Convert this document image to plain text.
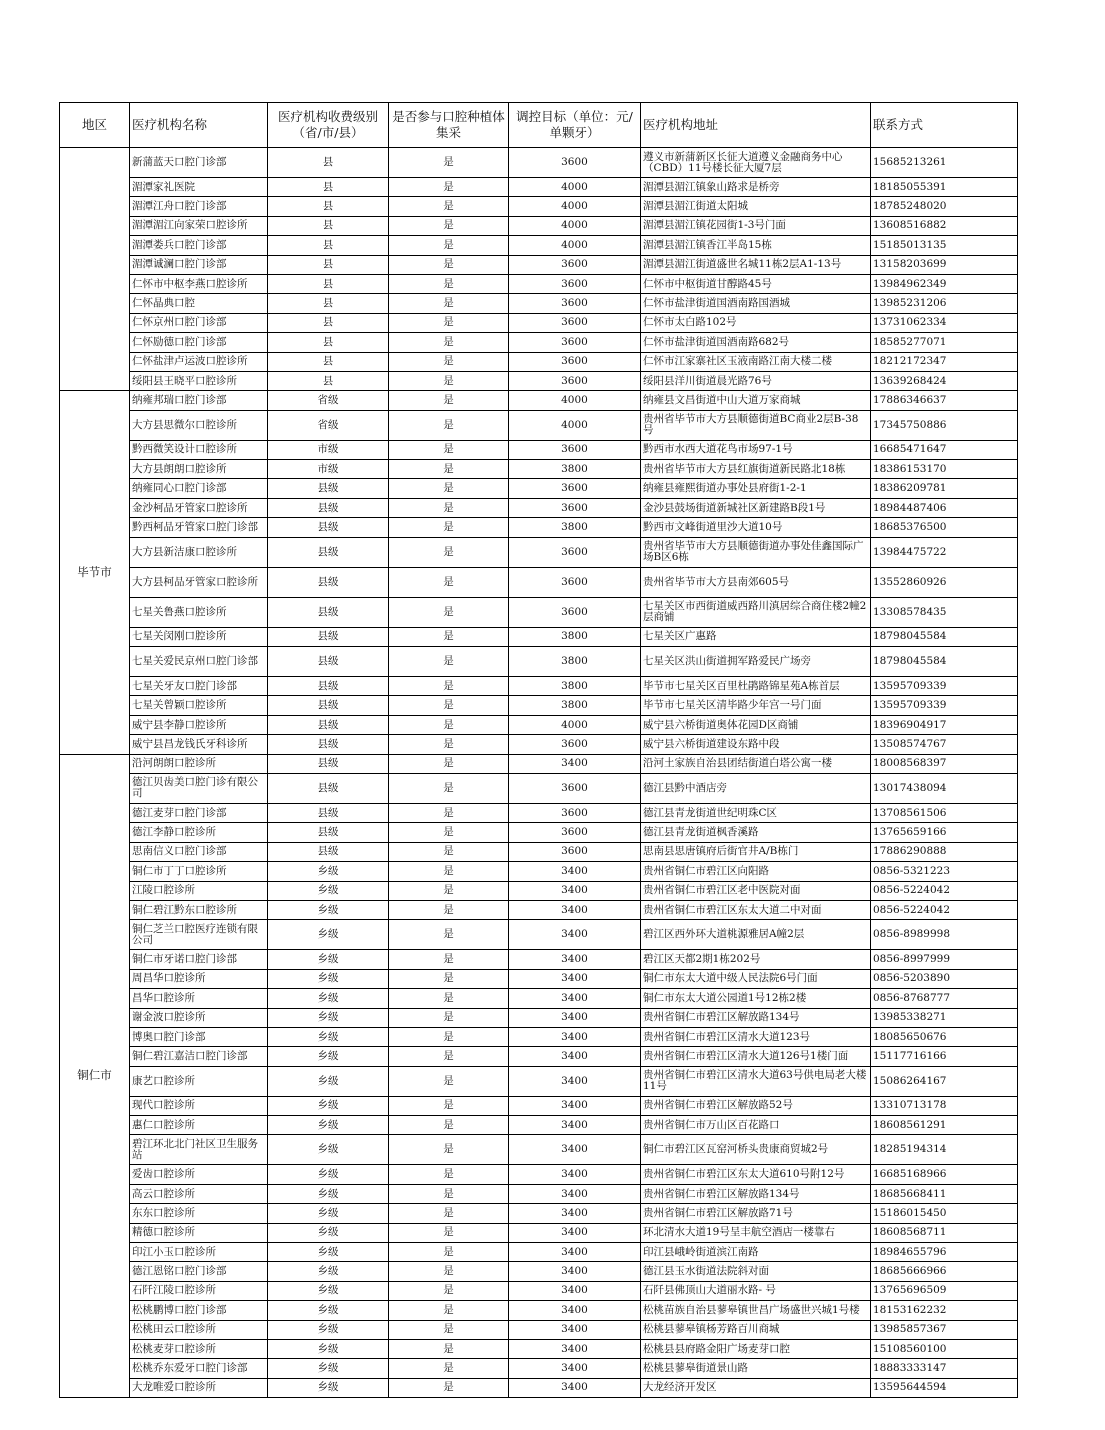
地区	医疗机构名称	医疗机构收费级别（省/市/县）	是否参与口腔种植体集采	调控目标（单位：元/单颗牙）	医疗机构地址	联系方式
	新蒲蓝天口腔门诊部	县	是	3600	遵义市新蒲新区长征大道遵义金融商务中心（CBD）11号楼长征大厦7层	15685213261
	湄潭家礼医院	县	是	4000	湄潭县湄江镇象山路求是桥旁	18185055391
	湄潭江舟口腔门诊部	县	是	4000	湄潭县湄江街道太阳城	18785248020
	湄潭湄江向家荣口腔诊所	县	是	4000	湄潭县湄江镇花园街1-3号门面	13608516882
	湄潭娄兵口腔门诊部	县	是	4000	湄潭县湄江镇香江半岛15栋	15185013135
	湄潭诚澜口腔门诊部	县	是	3600	湄潭县湄江街道盛世名城11栋2层A1-13号	13158203699
	仁怀市中枢李燕口腔诊所	县	是	3600	仁怀市中枢街道甘醇路45号	13984962349
	仁怀晶典口腔	县	是	3600	仁怀市盐津街道国酒南路国酒城	13985231206
	仁怀京州口腔门诊部	县	是	3600	仁怀市太白路102号	13731062334
	仁怀励德口腔门诊部	县	是	3600	仁怀市盐津街道国酒南路682号	18585277071
	仁怀盐津卢运波口腔诊所	县	是	3600	仁怀市江家寨社区玉液南路江南大楼二楼	18212172347
	绥阳县王晓平口腔诊所	县	是	3600	绥阳县洋川街道晨光路76号	13639268424
毕节市	纳雍邦瑞口腔门诊部	省级	是	4000	纳雍县文昌街道中山大道万家商城	17886346637
	大方县思微尔口腔诊所	省级	是	4000	贵州省毕节市大方县顺德街道BC商业2层B-38号	17345750886
	黔西微笑设计口腔诊所	市级	是	3600	黔西市水西大道花鸟市场97-1号	16685471647
	大方县朗朗口腔诊所	市级	是	3800	贵州省毕节市大方县红旗街道新民路北18栋	18386153170
	纳雍同心口腔门诊部	县级	是	3600	纳雍县雍熙街道办事处县府街1-2-1	18386209781
	金沙柯品牙管家口腔诊所	县级	是	3600	金沙县鼓场街道新城社区新建路B段1号	18984487406
	黔西柯品牙管家口腔门诊部	县级	是	3800	黔西市文峰街道里沙大道10号	18685376500
	大方县新洁康口腔诊所	县级	是	3600	贵州省毕节市大方县顺德街道办事处佳鑫国际广场B区6栋	13984475722
	大方县柯品牙管家口腔诊所	县级	是	3600	贵州省毕节市大方县南郊605号	13552860926
	七星关鲁燕口腔诊所	县级	是	3600	七星关区市西街道威西路川滇居综合商住楼2幢2层商铺	13308578435
	七星关闵刚口腔诊所	县级	是	3800	七星关区广惠路	18798045584
	七星关爱民京州口腔门诊部	县级	是	3800	七星关区洪山街道拥军路爱民广场旁	18798045584
	七星关牙友口腔门诊部	县级	是	3800	毕节市七星关区百里杜鹃路锦星苑A栋首层	13595709339
	七星关曾颖口腔诊所	县级	是	3800	毕节市七星关区清毕路少年宫一号门面	13595709339
	威宁县李静口腔诊所	县级	是	4000	威宁县六桥街道奥体花园D区商铺	18396904917
	威宁县昌龙钱氏牙科诊所	县级	是	3600	威宁县六桥街道建设东路中段	13508574767
铜仁市	沿河朗朗口腔诊所	县级	是	3400	沿河土家族自治县团结街道白塔公寓一楼	18008568397
	德江贝齿美口腔门诊有限公司	县级	是	3600	德江县黔中酒店旁	13017438094
	德江麦芽口腔门诊部	县级	是	3600	德江县青龙街道世纪明珠C区	13708561506
	德江李静口腔诊所	县级	是	3600	德江县青龙街道枫香溪路	13765659166
	思南信义口腔门诊部	县级	是	3600	思南县思唐镇府后街官井A/B栋门	17886290888
	铜仁市丁丁口腔诊所	乡级	是	3400	贵州省铜仁市碧江区向阳路	0856-5321223
	江陵口腔诊所	乡级	是	3400	贵州省铜仁市碧江区老中医院对面	0856-5224042
	铜仁碧江黔东口腔诊所	乡级	是	3400	贵州省铜仁市碧江区东太大道二中对面	0856-5224042
	铜仁芝兰口腔医疗连锁有限公司	乡级	是	3400	碧江区西外环大道桃源雅居A幢2层	0856-8989998
	铜仁市牙诺口腔门诊部	乡级	是	3400	碧江区天都2期1栋202号	0856-8997999
	周昌华口腔诊所	乡级	是	3400	铜仁市东太大道中级人民法院6号门面	0856-5203890
	昌华口腔诊所	乡级	是	3400	铜仁市东太大道公园道1号12栋2楼	0856-8768777
	谢金波口腔诊所	乡级	是	3400	贵州省铜仁市碧江区解放路134号	13985338271
	博奥口腔门诊部	乡级	是	3400	贵州省铜仁市碧江区清水大道123号	18085650676
	铜仁碧江嘉洁口腔门诊部	乡级	是	3400	贵州省铜仁市碧江区清水大道126号1楼门面	15117716166
	康艺口腔诊所	乡级	是	3400	贵州省铜仁市碧江区清水大道63号供电局老大楼11号	15086264167
	现代口腔诊所	乡级	是	3400	贵州省铜仁市碧江区解放路52号	13310713178
	惠仁口腔诊所	乡级	是	3400	贵州省铜仁市万山区百花路口	18608561291
	碧江环北北门社区卫生服务站	乡级	是	3400	铜仁市碧江区瓦窑河桥头贵康商贸城2号	18285194314
	爱齿口腔诊所	乡级	是	3400	贵州省铜仁市碧江区东太大道610号附12号	16685168966
	高云口腔诊所	乡级	是	3400	贵州省铜仁市碧江区解放路134号	18685668411
	东东口腔诊所	乡级	是	3400	贵州省铜仁市碧江区解放路71号	15186015450
	精德口腔诊所	乡级	是	3400	环北清水大道19号呈丰航空酒店一楼靠右	18608568711
	印江小玉口腔诊所	乡级	是	3400	印江县峨岭街道滨江南路	18984655796
	德江恩铭口腔门诊部	乡级	是	3400	德江县玉水街道法院斜对面	18685666966
	石阡江陵口腔诊所	乡级	是	3400	石阡县佛顶山大道丽水路- 号	13765696509
	松桃鹏博口腔门诊部	乡级	是	3400	松桃苗族自治县蓼皋镇世昌广场盛世兴城1号楼	18153162232
	松桃田云口腔诊所	乡级	是	3400	松桃县蓼皋镇杨芳路百川商城	13985857367
	松桃麦芽口腔诊所	乡级	是	3400	松桃县县府路金阳广场麦芽口腔	15108560100
	松桃乔东爱牙口腔门诊部	乡级	是	3400	松桃县蓼皋街道景山路	18883333147
	大龙唯爱口腔诊所	乡级	是	3400	大龙经济开发区	13595644594
